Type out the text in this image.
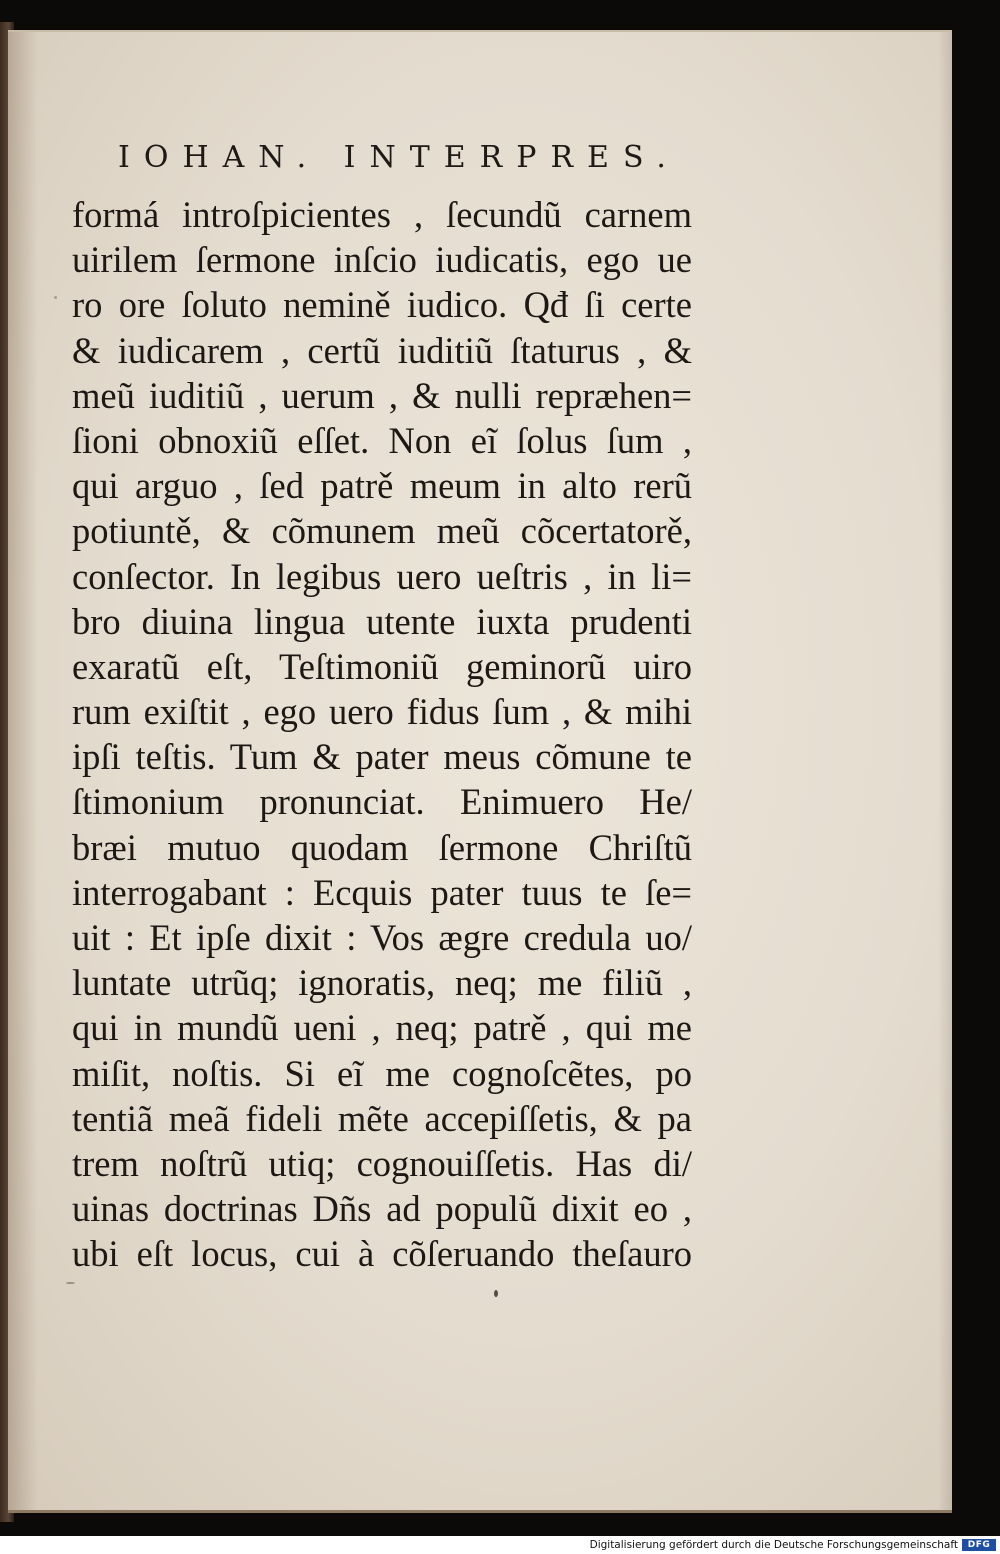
IOHAN. INTERPRES.
formá introſpicientes , ſecundũ carnem
uirilem ſermone inſcio iudicatis, ego ue
ro ore ſoluto nemině iudico. Qđ ſi certe
& iudicarem , certũ iuditiũ ſtaturus , &
meũ iuditiũ , uerum , & nulli repræhen=
ſioni obnoxiũ eſſet. Non eĩ ſolus ſum ,
qui arguo , ſed patrě meum in alto rerũ
potiuntě, & cõmunem meũ cõcertatorě,
conſector. In legibus uero ueſtris , in li=
bro diuina lingua utente iuxta prudenti
exaratũ eſt, Teſtimoniũ geminorũ uiro
rum exiſtit , ego uero fidus ſum , & mihi
ipſi teſtis. Tum & pater meus cõmune te
ſtimonium pronunciat. Enimuero He/
bræi mutuo quodam ſermone Chriſtũ
interrogabant : Ecquis pater tuus te ſe=
uit : Et ipſe dixit : Vos ægre credula uo/
luntate utrũq; ignoratis, neq; me filiũ ,
qui in mundũ ueni , neq; patrě , qui me
miſit, noſtis. Si eĩ me cognoſcẽtes, po
tentiã meã fideli mẽte accepiſſetis, & pa
trem noſtrũ utiq; cognouiſſetis. Has di/
uinas doctrinas Dñs ad populũ dixit eo ,
ubi eſt locus, cui à cõſeruando theſauro
Digitalisierung gefördert durch die Deutsche Forschungsgemeinschaft	DFG
